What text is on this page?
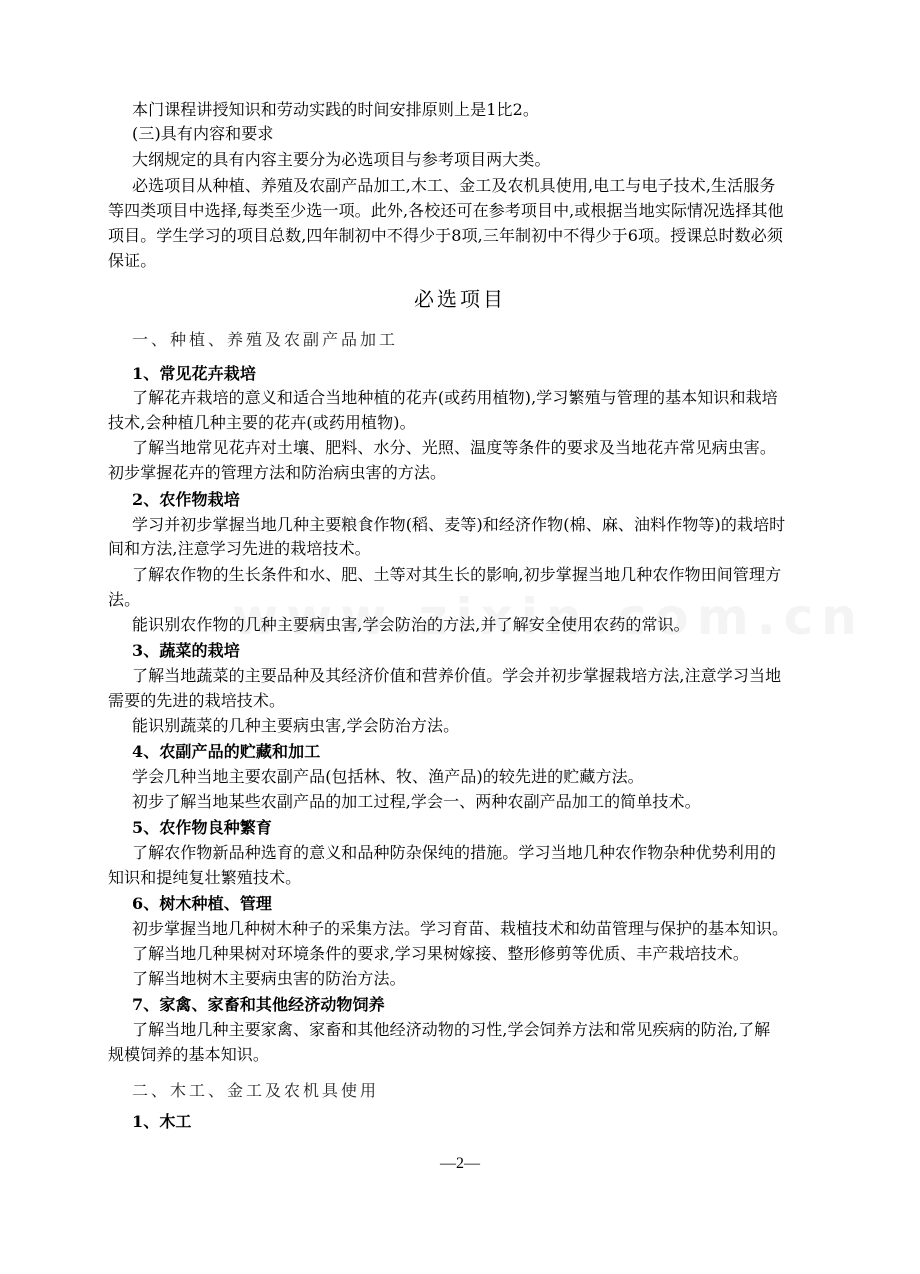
本门课程讲授知识和劳动实践的时间安排原则上是1比2。
(三)具有内容和要求
大纲规定的具有内容主要分为必选项目与参考项目两大类。
必选项目从种植、养殖及农副产品加工,木工、金工及农机具使用,电工与电子技术,生活服务
等四类项目中选择,每类至少选一项。此外,各校还可在参考项目中,或根据当地实际情况选择其他
项目。学生学习的项目总数,四年制初中不得少于8项,三年制初中不得少于6项。授课总时数必须
保证。
必选项目
一、种植、养殖及农副产品加工
1、常见花卉栽培
了解花卉栽培的意义和适合当地种植的花卉(或药用植物),学习繁殖与管理的基本知识和栽培
技术,会种植几种主要的花卉(或药用植物)。
了解当地常见花卉对土壤、肥料、水分、光照、温度等条件的要求及当地花卉常见病虫害。
初步掌握花卉的管理方法和防治病虫害的方法。
2、农作物栽培
学习并初步掌握当地几种主要粮食作物(稻、麦等)和经济作物(棉、麻、油料作物等)的栽培时
间和方法,注意学习先进的栽培技术。
了解农作物的生长条件和水、肥、土等对其生长的影响,初步掌握当地几种农作物田间管理方
法。
能识别农作物的几种主要病虫害,学会防治的方法,并了解安全使用农药的常识。
3、蔬菜的栽培
了解当地蔬菜的主要品种及其经济价值和营养价值。学会并初步掌握栽培方法,注意学习当地
需要的先进的栽培技术。
能识别蔬菜的几种主要病虫害,学会防治方法。
4、农副产品的贮藏和加工
学会几种当地主要农副产品(包括林、牧、渔产品)的较先进的贮藏方法。
初步了解当地某些农副产品的加工过程,学会一、两种农副产品加工的简单技术。
5、农作物良种繁育
了解农作物新品种选育的意义和品种防杂保纯的措施。学习当地几种农作物杂种优势利用的
知识和提纯复壮繁殖技术。
6、树木种植、管理
初步掌握当地几种树木种子的采集方法。学习育苗、栽植技术和幼苗管理与保护的基本知识。
了解当地几种果树对环境条件的要求,学习果树嫁接、整形修剪等优质、丰产栽培技术。
了解当地树木主要病虫害的防治方法。
7、家禽、家畜和其他经济动物饲养
了解当地几种主要家禽、家畜和其他经济动物的习性,学会饲养方法和常见疾病的防治,了解
规模饲养的基本知识。
二、木工、金工及农机具使用
1、木工
—2—
